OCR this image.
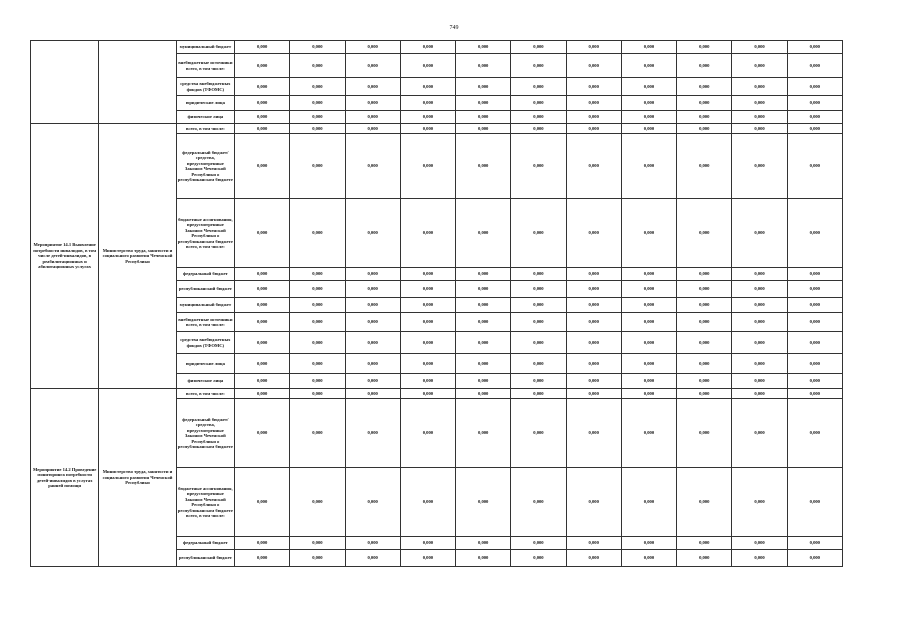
749
		муниципальный бюджет	0,000	0,000	0,000	0,000	0,000	0,000	0,000	0,000	0,000	0,000	0,000
		внебюджетные источники всего, в том числе:	0,000	0,000	0,000	0,000	0,000	0,000	0,000	0,000	0,000	0,000	0,000
		средства внебюджетных фондов (ТФОМС)	0,000	0,000	0,000	0,000	0,000	0,000	0,000	0,000	0,000	0,000	0,000
		юридические лица	0,000	0,000	0,000	0,000	0,000	0,000	0,000	0,000	0,000	0,000	0,000
		физические лица	0,000	0,000	0,000	0,000	0,000	0,000	0,000	0,000	0,000	0,000	0,000
Мероприятие 14.1 Выявление потребности инвалидов, в том числе детей-инвалидов, в реабилитационных и абилитационных услугах	Министерство труда, занятости и социального развития Чеченской Республики	всего, в том числе:	0,000	0,000	0,000	0,000	0,000	0,000	0,000	0,000	0,000	0,000	0,000
		федеральный бюджет/средства, предусмотренные Законом Чеченской Республики о республиканском бюджете	0,000	0,000	0,000	0,000	0,000	0,000	0,000	0,000	0,000	0,000	0,000
		бюджетные ассигнования, предусмотренные Законом Чеченской Республики о республиканском бюджете всего, в том числе:	0,000	0,000	0,000	0,000	0,000	0,000	0,000	0,000	0,000	0,000	0,000
		федеральный бюджет	0,000	0,000	0,000	0,000	0,000	0,000	0,000	0,000	0,000	0,000	0,000
		республиканский бюджет	0,000	0,000	0,000	0,000	0,000	0,000	0,000	0,000	0,000	0,000	0,000
		муниципальный бюджет	0,000	0,000	0,000	0,000	0,000	0,000	0,000	0,000	0,000	0,000	0,000
		внебюджетные источники всего, в том числе:	0,000	0,000	0,000	0,000	0,000	0,000	0,000	0,000	0,000	0,000	0,000
		средства внебюджетных фондов (ТФОМС)	0,000	0,000	0,000	0,000	0,000	0,000	0,000	0,000	0,000	0,000	0,000
		юридические лица	0,000	0,000	0,000	0,000	0,000	0,000	0,000	0,000	0,000	0,000	0,000
		физические лица	0,000	0,000	0,000	0,000	0,000	0,000	0,000	0,000	0,000	0,000	0,000
Мероприятие 14.2 Проведение мониторинга потребности детей-инвалидов в услугах ранней помощи	Министерство труда, занятости и социального развития Чеченской Республики	всего, в том числе:	0,000	0,000	0,000	0,000	0,000	0,000	0,000	0,000	0,000	0,000	0,000
		федеральный бюджет/средства, предусмотренные Законом Чеченской Республики о республиканском бюджете	0,000	0,000	0,000	0,000	0,000	0,000	0,000	0,000	0,000	0,000	0,000
		бюджетные ассигнования, предусмотренные Законом Чеченской Республики о республиканском бюджете всего, в том числе:	0,000	0,000	0,000	0,000	0,000	0,000	0,000	0,000	0,000	0,000	0,000
		федеральный бюджет	0,000	0,000	0,000	0,000	0,000	0,000	0,000	0,000	0,000	0,000	0,000
		республиканский бюджет	0,000	0,000	0,000	0,000	0,000	0,000	0,000	0,000	0,000	0,000	0,000
